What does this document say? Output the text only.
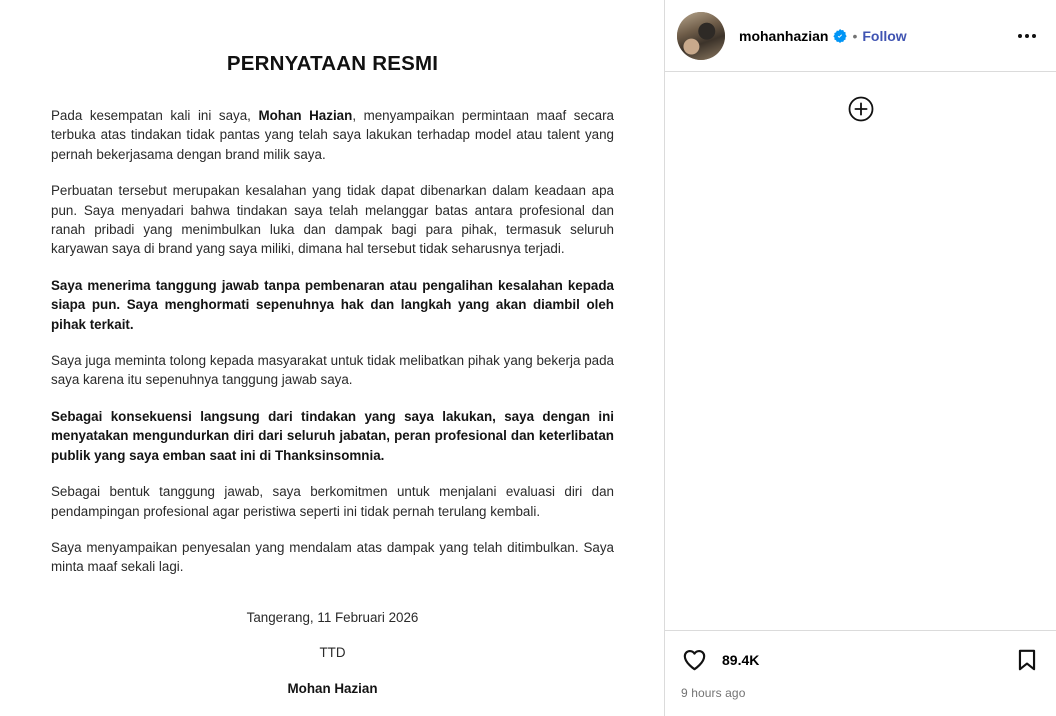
PERNYATAAN RESMI
Pada kesempatan kali ini saya, Mohan Hazian, menyampaikan permintaan maaf secara terbuka atas tindakan tidak pantas yang telah saya lakukan terhadap model atau talent yang pernah bekerjasama dengan brand milik saya.
Perbuatan tersebut merupakan kesalahan yang tidak dapat dibenarkan dalam keadaan apa pun. Saya menyadari bahwa tindakan saya telah melanggar batas antara profesional dan ranah pribadi yang menimbulkan luka dan dampak bagi para pihak, termasuk seluruh karyawan saya di brand yang saya miliki, dimana hal tersebut tidak seharusnya terjadi.
Saya menerima tanggung jawab tanpa pembenaran atau pengalihan kesalahan kepada siapa pun. Saya menghormati sepenuhnya hak dan langkah yang akan diambil oleh pihak terkait.
Saya juga meminta tolong kepada masyarakat untuk tidak melibatkan pihak yang bekerja pada saya karena itu sepenuhnya tanggung jawab saya.
Sebagai konsekuensi langsung dari tindakan yang saya lakukan, saya dengan ini menyatakan mengundurkan diri dari seluruh jabatan, peran profesional dan keterlibatan publik yang saya emban saat ini di Thanksinsomnia.
Sebagai bentuk tanggung jawab, saya berkomitmen untuk menjalani evaluasi diri dan pendampingan profesional agar peristiwa seperti ini tidak pernah terulang kembali.
Saya menyampaikan penyesalan yang mendalam atas dampak yang telah ditimbulkan. Saya minta maaf sekali lagi.
Tangerang, 11 Februari 2026
TTD
Mohan Hazian
mohanhazian • Follow
89.4K
9 hours ago
